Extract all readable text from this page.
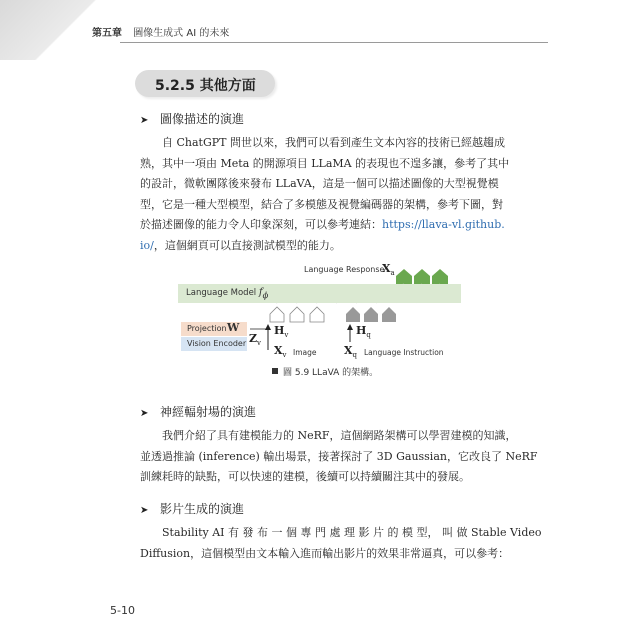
第五章 圖像生成式 AI 的未來
5.2.5 其他方面
➤ 圖像描述的演進
自 ChatGPT 問世以來，我們可以看到產生文本內容的技術已經越趨成
熟，其中一項由 Meta 的開源項目 LLaMA 的表現也不遑多讓，參考了其中
的設計，微軟團隊後來發布 LLaVA，這是一個可以描述圖像的大型視覺模
型，它是一種大型模型，結合了多模態及視覺編碼器的架構，參考下圖，對
於描述圖像的能力令人印象深刻，可以參考連結：https://llava-vl.github.
io/，這個網頁可以直接測試模型的能力。
Language Response
$X_a$
Language Model $f_\phi$
Projection W
Vision Encoder $Z_v$
$H_v$	$H_q$
$X_v$ Image	$X_q$ Language Instruction
圖 5.9 LLaVA 的架構。
➤ 神經輻射場的演進
我們介紹了具有建模能力的 NeRF，這個網路架構可以學習建模的知識，
並透過推論 (inference) 輸出場景，接著探討了 3D Gaussian，它改良了 NeRF
訓練耗時的缺點，可以快速的建模，後續可以持續關注其中的發展。
➤ 影片生成的演進
Stability AI 有 發 布 一 個 專 門 處 理 影 片 的 模 型， 叫 做 Stable Video
Diffusion，這個模型由文本輸入進而輸出影片的效果非常逼真，可以參考：
5-10
